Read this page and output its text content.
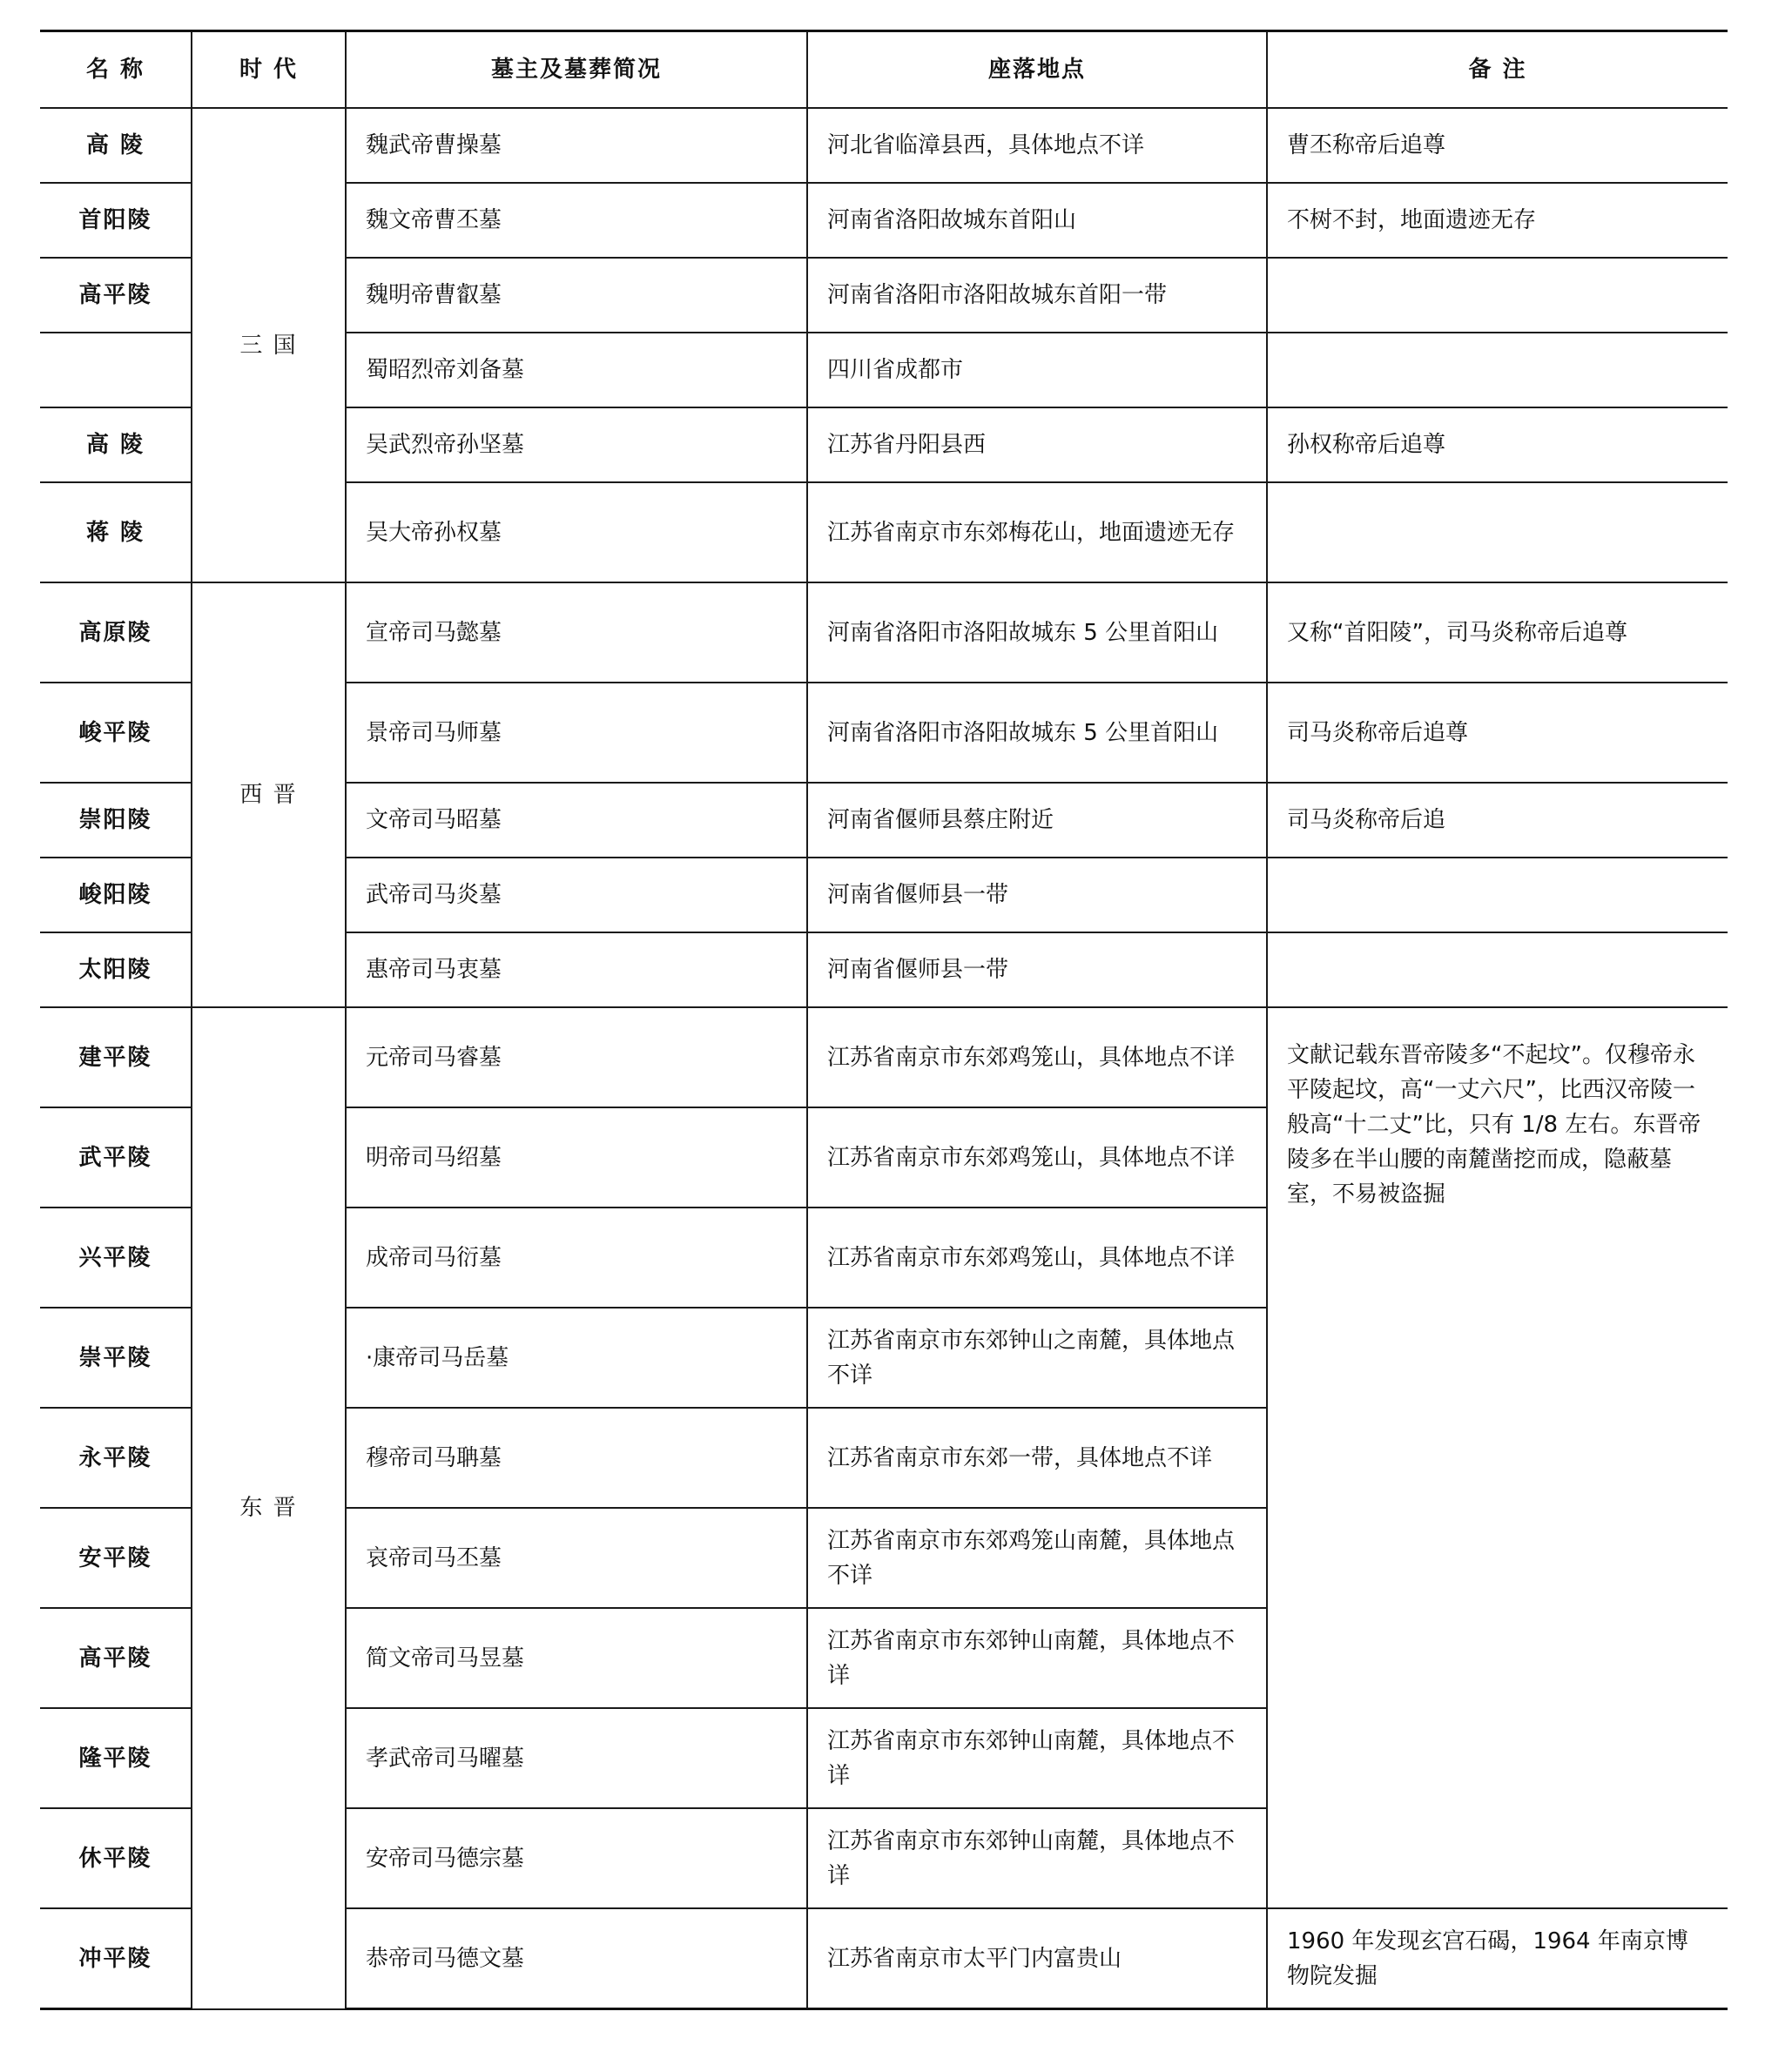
名 称	时 代	墓主及墓葬简况	座落地点	备 注
高 陵	三 国	魏武帝曹操墓	河北省临漳县西，具体地点不详	曹丕称帝后追尊
首阳陵		魏文帝曹丕墓	河南省洛阳故城东首阳山	不树不封，地面遗迹无存
高平陵		魏明帝曹叡墓	河南省洛阳市洛阳故城东首阳一带	
		蜀昭烈帝刘备墓	四川省成都市	
高 陵		吴武烈帝孙坚墓	江苏省丹阳县西	孙权称帝后追尊
蒋 陵		吴大帝孙权墓	江苏省南京市东郊梅花山，地面遗迹无存	
高原陵	西 晋	宣帝司马懿墓	河南省洛阳市洛阳故城东 5 公里首阳山	又称“首阳陵”，司马炎称帝后追尊
峻平陵		景帝司马师墓	河南省洛阳市洛阳故城东 5 公里首阳山	司马炎称帝后追尊
崇阳陵		文帝司马昭墓	河南省偃师县蔡庄附近	司马炎称帝后追
峻阳陵		武帝司马炎墓	河南省偃师县一带	
太阳陵		惠帝司马衷墓	河南省偃师县一带	
建平陵	东 晋	元帝司马睿墓	江苏省南京市东郊鸡笼山，具体地点不详	文献记载东晋帝陵多“不起坟”。仅穆帝永平陵起坟，高“一丈六尺”，比西汉帝陵一般高“十二丈”比，只有 1/8 左右。东晋帝陵多在半山腰的南麓凿挖而成，隐蔽墓室，不易被盗掘
武平陵		明帝司马绍墓	江苏省南京市东郊鸡笼山，具体地点不详	
兴平陵		成帝司马衍墓	江苏省南京市东郊鸡笼山，具体地点不详	
崇平陵		·康帝司马岳墓	江苏省南京市东郊钟山之南麓，具体地点不详	
永平陵		穆帝司马聃墓	江苏省南京市东郊一带，具体地点不详	
安平陵		哀帝司马丕墓	江苏省南京市东郊鸡笼山南麓，具体地点不详	
高平陵		简文帝司马昱墓	江苏省南京市东郊钟山南麓，具体地点不详	
隆平陵		孝武帝司马曜墓	江苏省南京市东郊钟山南麓，具体地点不详	
休平陵		安帝司马德宗墓	江苏省南京市东郊钟山南麓，具体地点不详	
冲平陵		恭帝司马德文墓	江苏省南京市太平门内富贵山	1960 年发现玄宫石碣，1964 年南京博物院发掘
